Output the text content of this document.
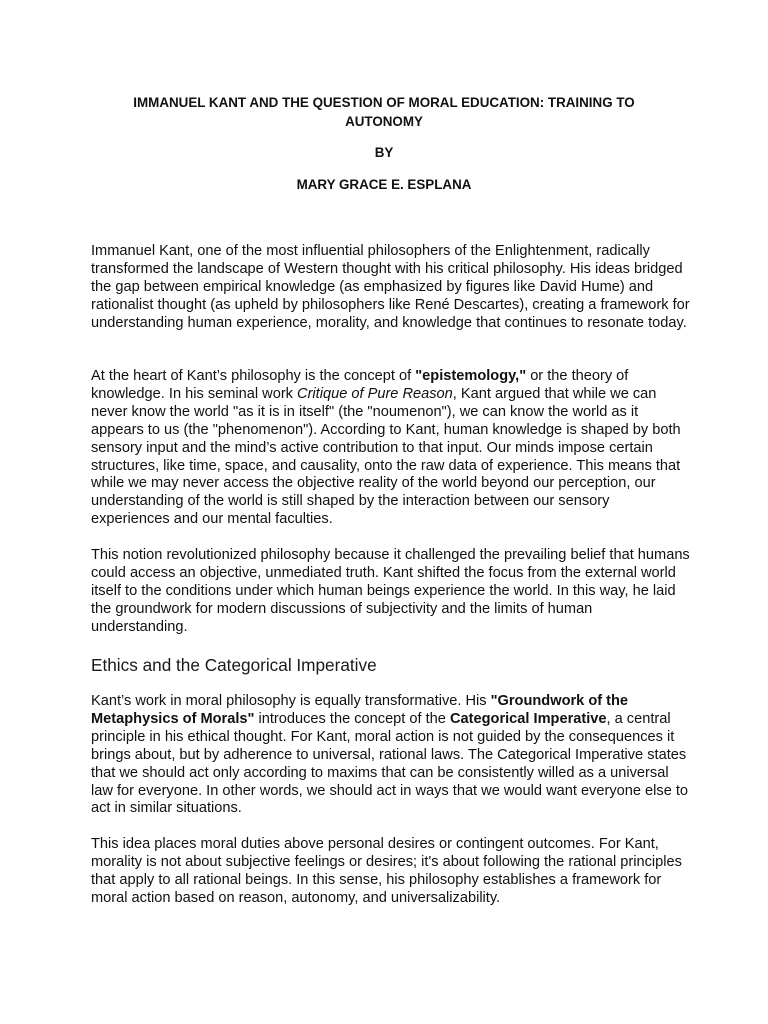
IMMANUEL KANT AND THE QUESTION OF MORAL EDUCATION: TRAINING TO AUTONOMY
BY
MARY GRACE E. ESPLANA

Immanuel Kant, one of the most influential philosophers of the Enlightenment, radically transformed the landscape of Western thought with his critical philosophy. His ideas bridged the gap between empirical knowledge (as emphasized by figures like David Hume) and rationalist thought (as upheld by philosophers like René Descartes), creating a framework for understanding human experience, morality, and knowledge that continues to resonate today.

At the heart of Kant’s philosophy is the concept of "epistemology," or the theory of knowledge. In his seminal work Critique of Pure Reason, Kant argued that while we can never know the world "as it is in itself" (the "noumenon"), we can know the world as it appears to us (the "phenomenon"). According to Kant, human knowledge is shaped by both sensory input and the mind’s active contribution to that input. Our minds impose certain structures, like time, space, and causality, onto the raw data of experience. This means that while we may never access the objective reality of the world beyond our perception, our understanding of the world is still shaped by the interaction between our sensory experiences and our mental faculties.

This notion revolutionized philosophy because it challenged the prevailing belief that humans could access an objective, unmediated truth. Kant shifted the focus from the external world itself to the conditions under which human beings experience the world. In this way, he laid the groundwork for modern discussions of subjectivity and the limits of human understanding.

Ethics and the Categorical Imperative

Kant’s work in moral philosophy is equally transformative. His "Groundwork of the Metaphysics of Morals" introduces the concept of the Categorical Imperative, a central principle in his ethical thought. For Kant, moral action is not guided by the consequences it brings about, but by adherence to universal, rational laws. The Categorical Imperative states that we should act only according to maxims that can be consistently willed as a universal law for everyone. In other words, we should act in ways that we would want everyone else to act in similar situations.

This idea places moral duties above personal desires or contingent outcomes. For Kant, morality is not about subjective feelings or desires; it's about following the rational principles that apply to all rational beings. In this sense, his philosophy establishes a framework for moral action based on reason, autonomy, and universalizability.
